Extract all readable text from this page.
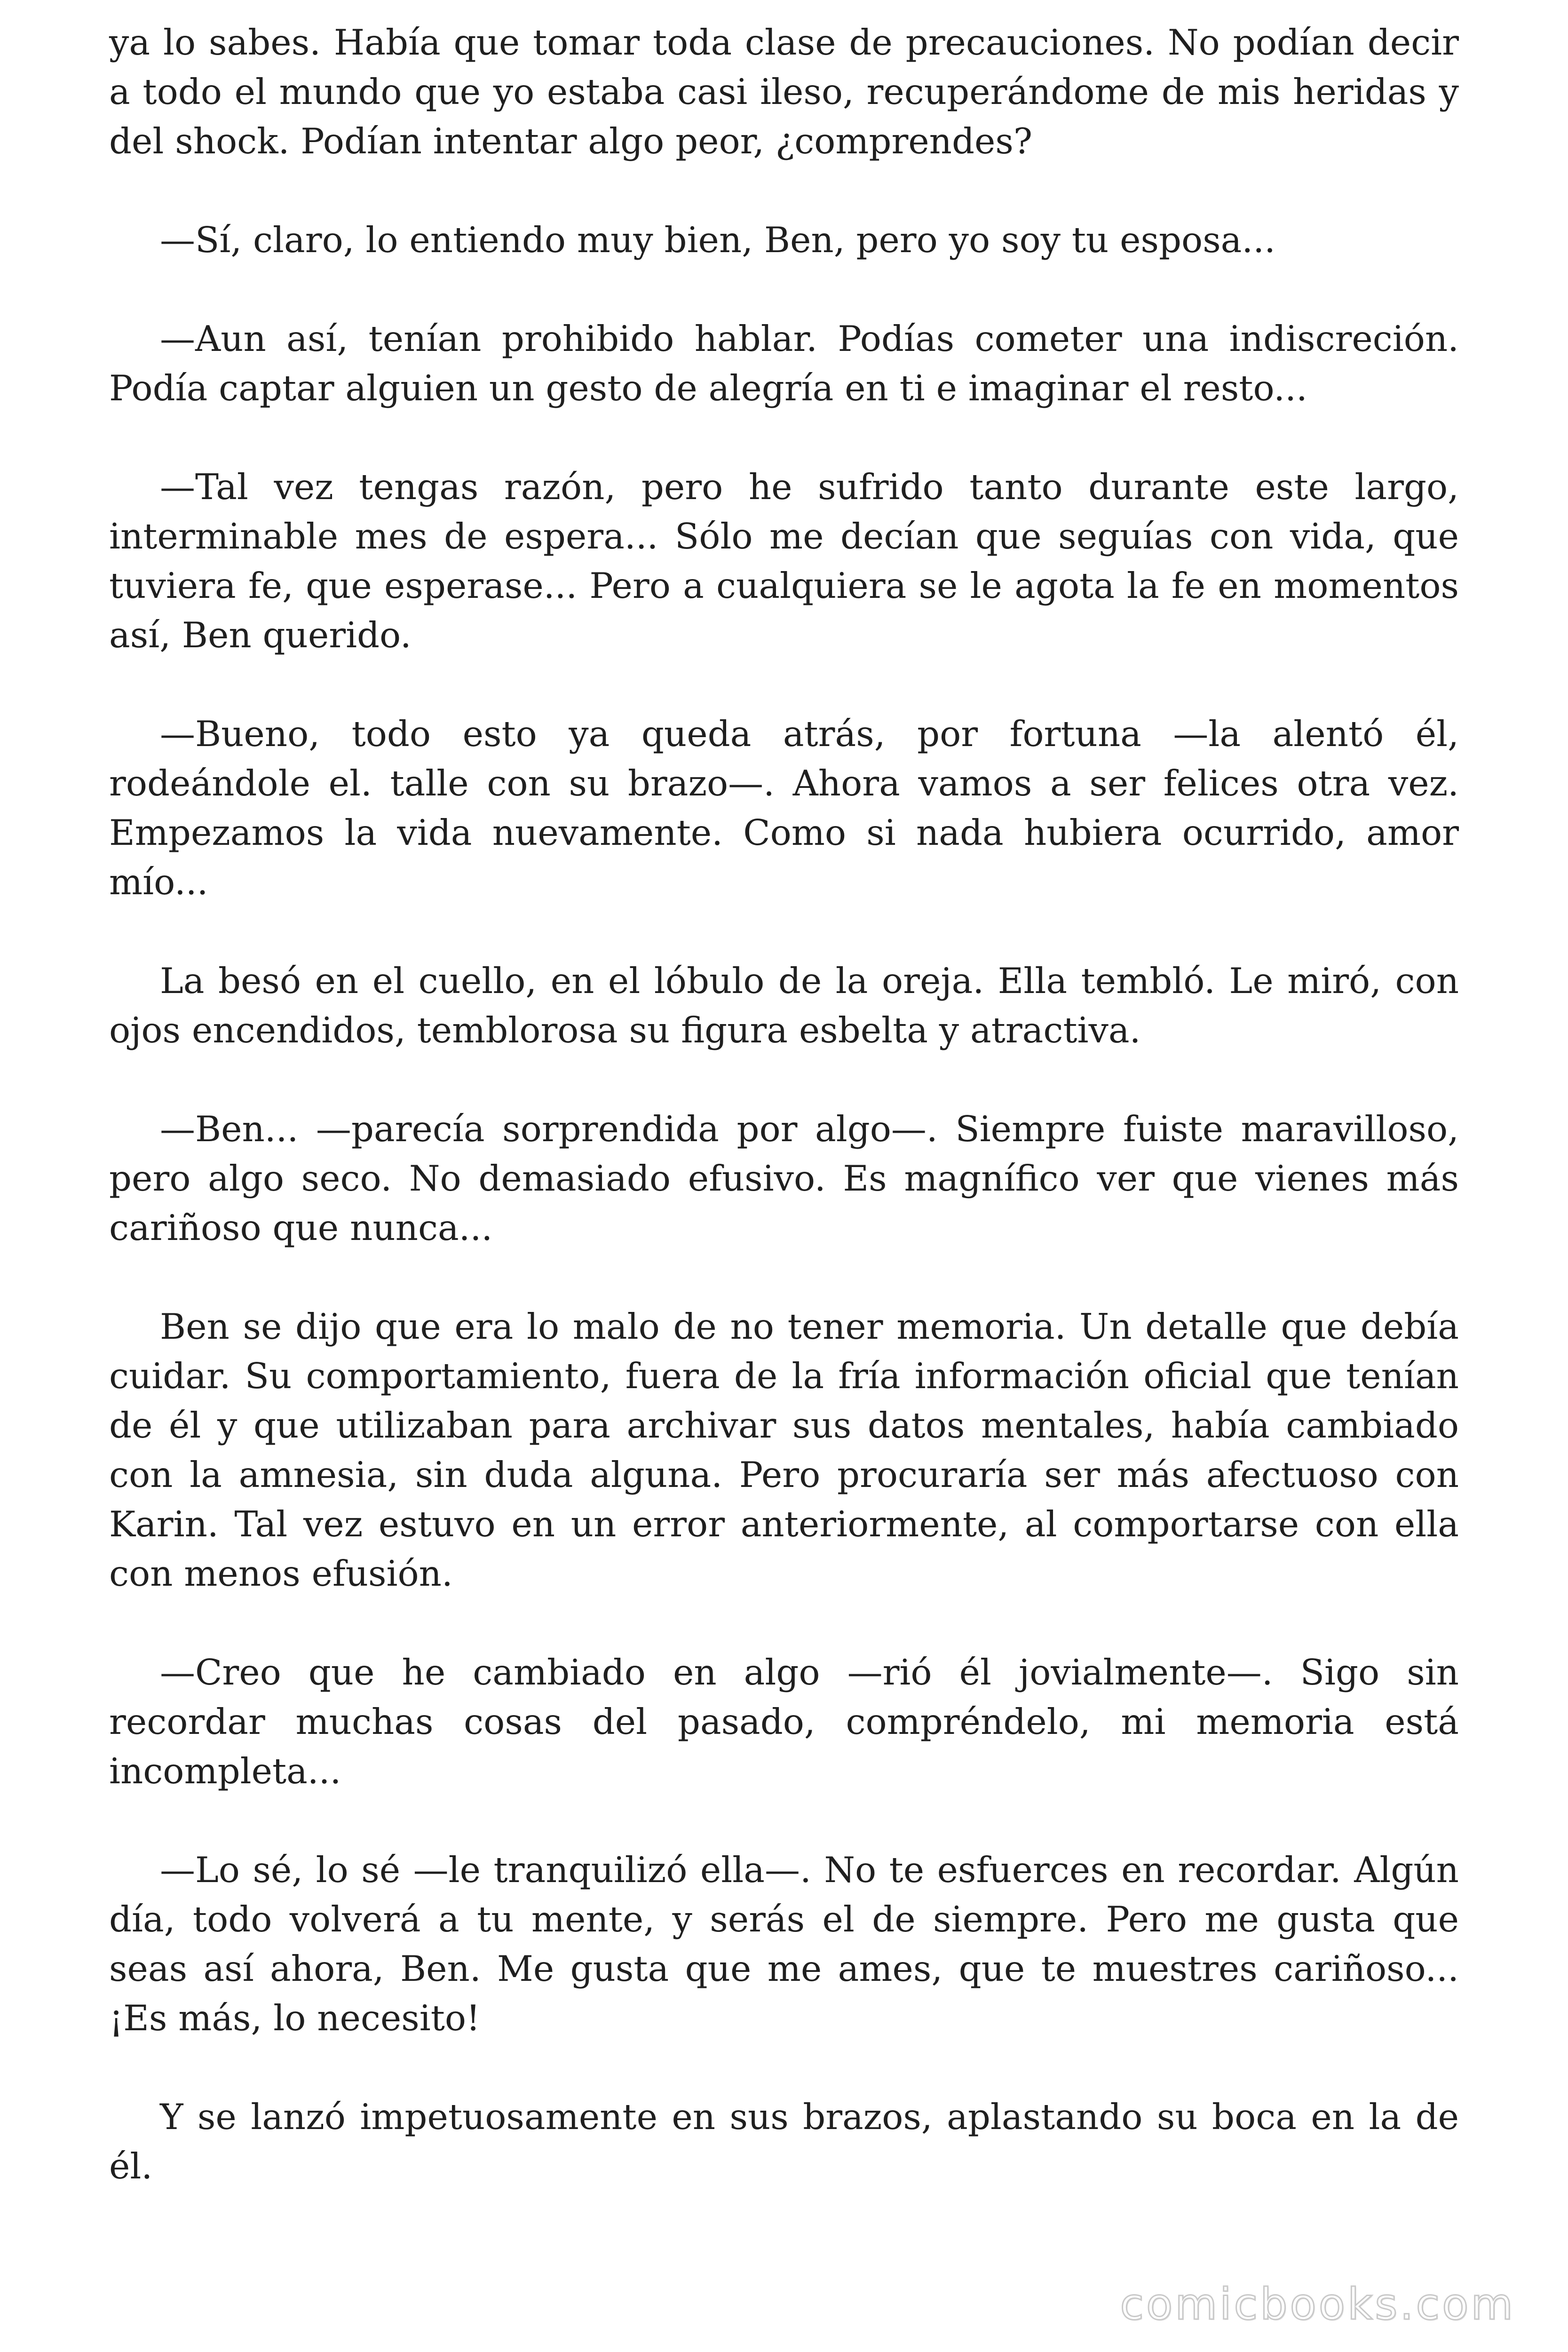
ya lo sabes. Había que tomar toda clase de precauciones. No podían decir a todo el mundo que yo estaba casi ileso, recuperándome de mis heridas y del shock. Podían intentar algo peor, ¿comprendes?

—Sí, claro, lo entiendo muy bien, Ben, pero yo soy tu esposa...

—Aun así, tenían prohibido hablar. Podías cometer una indiscreción. Podía captar alguien un gesto de alegría en ti e imaginar el resto...

—Tal vez tengas razón, pero he sufrido tanto durante este largo, interminable mes de espera... Sólo me decían que seguías con vida, que tuviera fe, que esperase... Pero a cualquiera se le agota la fe en momentos así, Ben querido.

—Bueno, todo esto ya queda atrás, por fortuna —la alentó él, rodeándole el. talle con su brazo—. Ahora vamos a ser felices otra vez. Empezamos la vida nuevamente. Como si nada hubiera ocurrido, amor mío...

La besó en el cuello, en el lóbulo de la oreja. Ella tembló. Le miró, con ojos encendidos, temblorosa su figura esbelta y atractiva.

—Ben... —parecía sorprendida por algo—. Siempre fuiste maravilloso, pero algo seco. No demasiado efusivo. Es magnífico ver que vienes más cariñoso que nunca...

Ben se dijo que era lo malo de no tener memoria. Un detalle que debía cuidar. Su comportamiento, fuera de la fría información oficial que tenían de él y que utilizaban para archivar sus datos mentales, había cambiado con la amnesia, sin duda alguna. Pero procuraría ser más afectuoso con Karin. Tal vez estuvo en un error anteriormente, al comportarse con ella con menos efusión.

—Creo que he cambiado en algo —rió él jovialmente—. Sigo sin recordar muchas cosas del pasado, compréndelo, mi memoria está incompleta...

—Lo sé, lo sé —le tranquilizó ella—. No te esfuerces en recordar. Algún día, todo volverá a tu mente, y serás el de siempre. Pero me gusta que seas así ahora, Ben. Me gusta que me ames, que te muestres cariñoso... ¡Es más, lo necesito!

Y se lanzó impetuosamente en sus brazos, aplastando su boca en la de él.

comicbooks.com
